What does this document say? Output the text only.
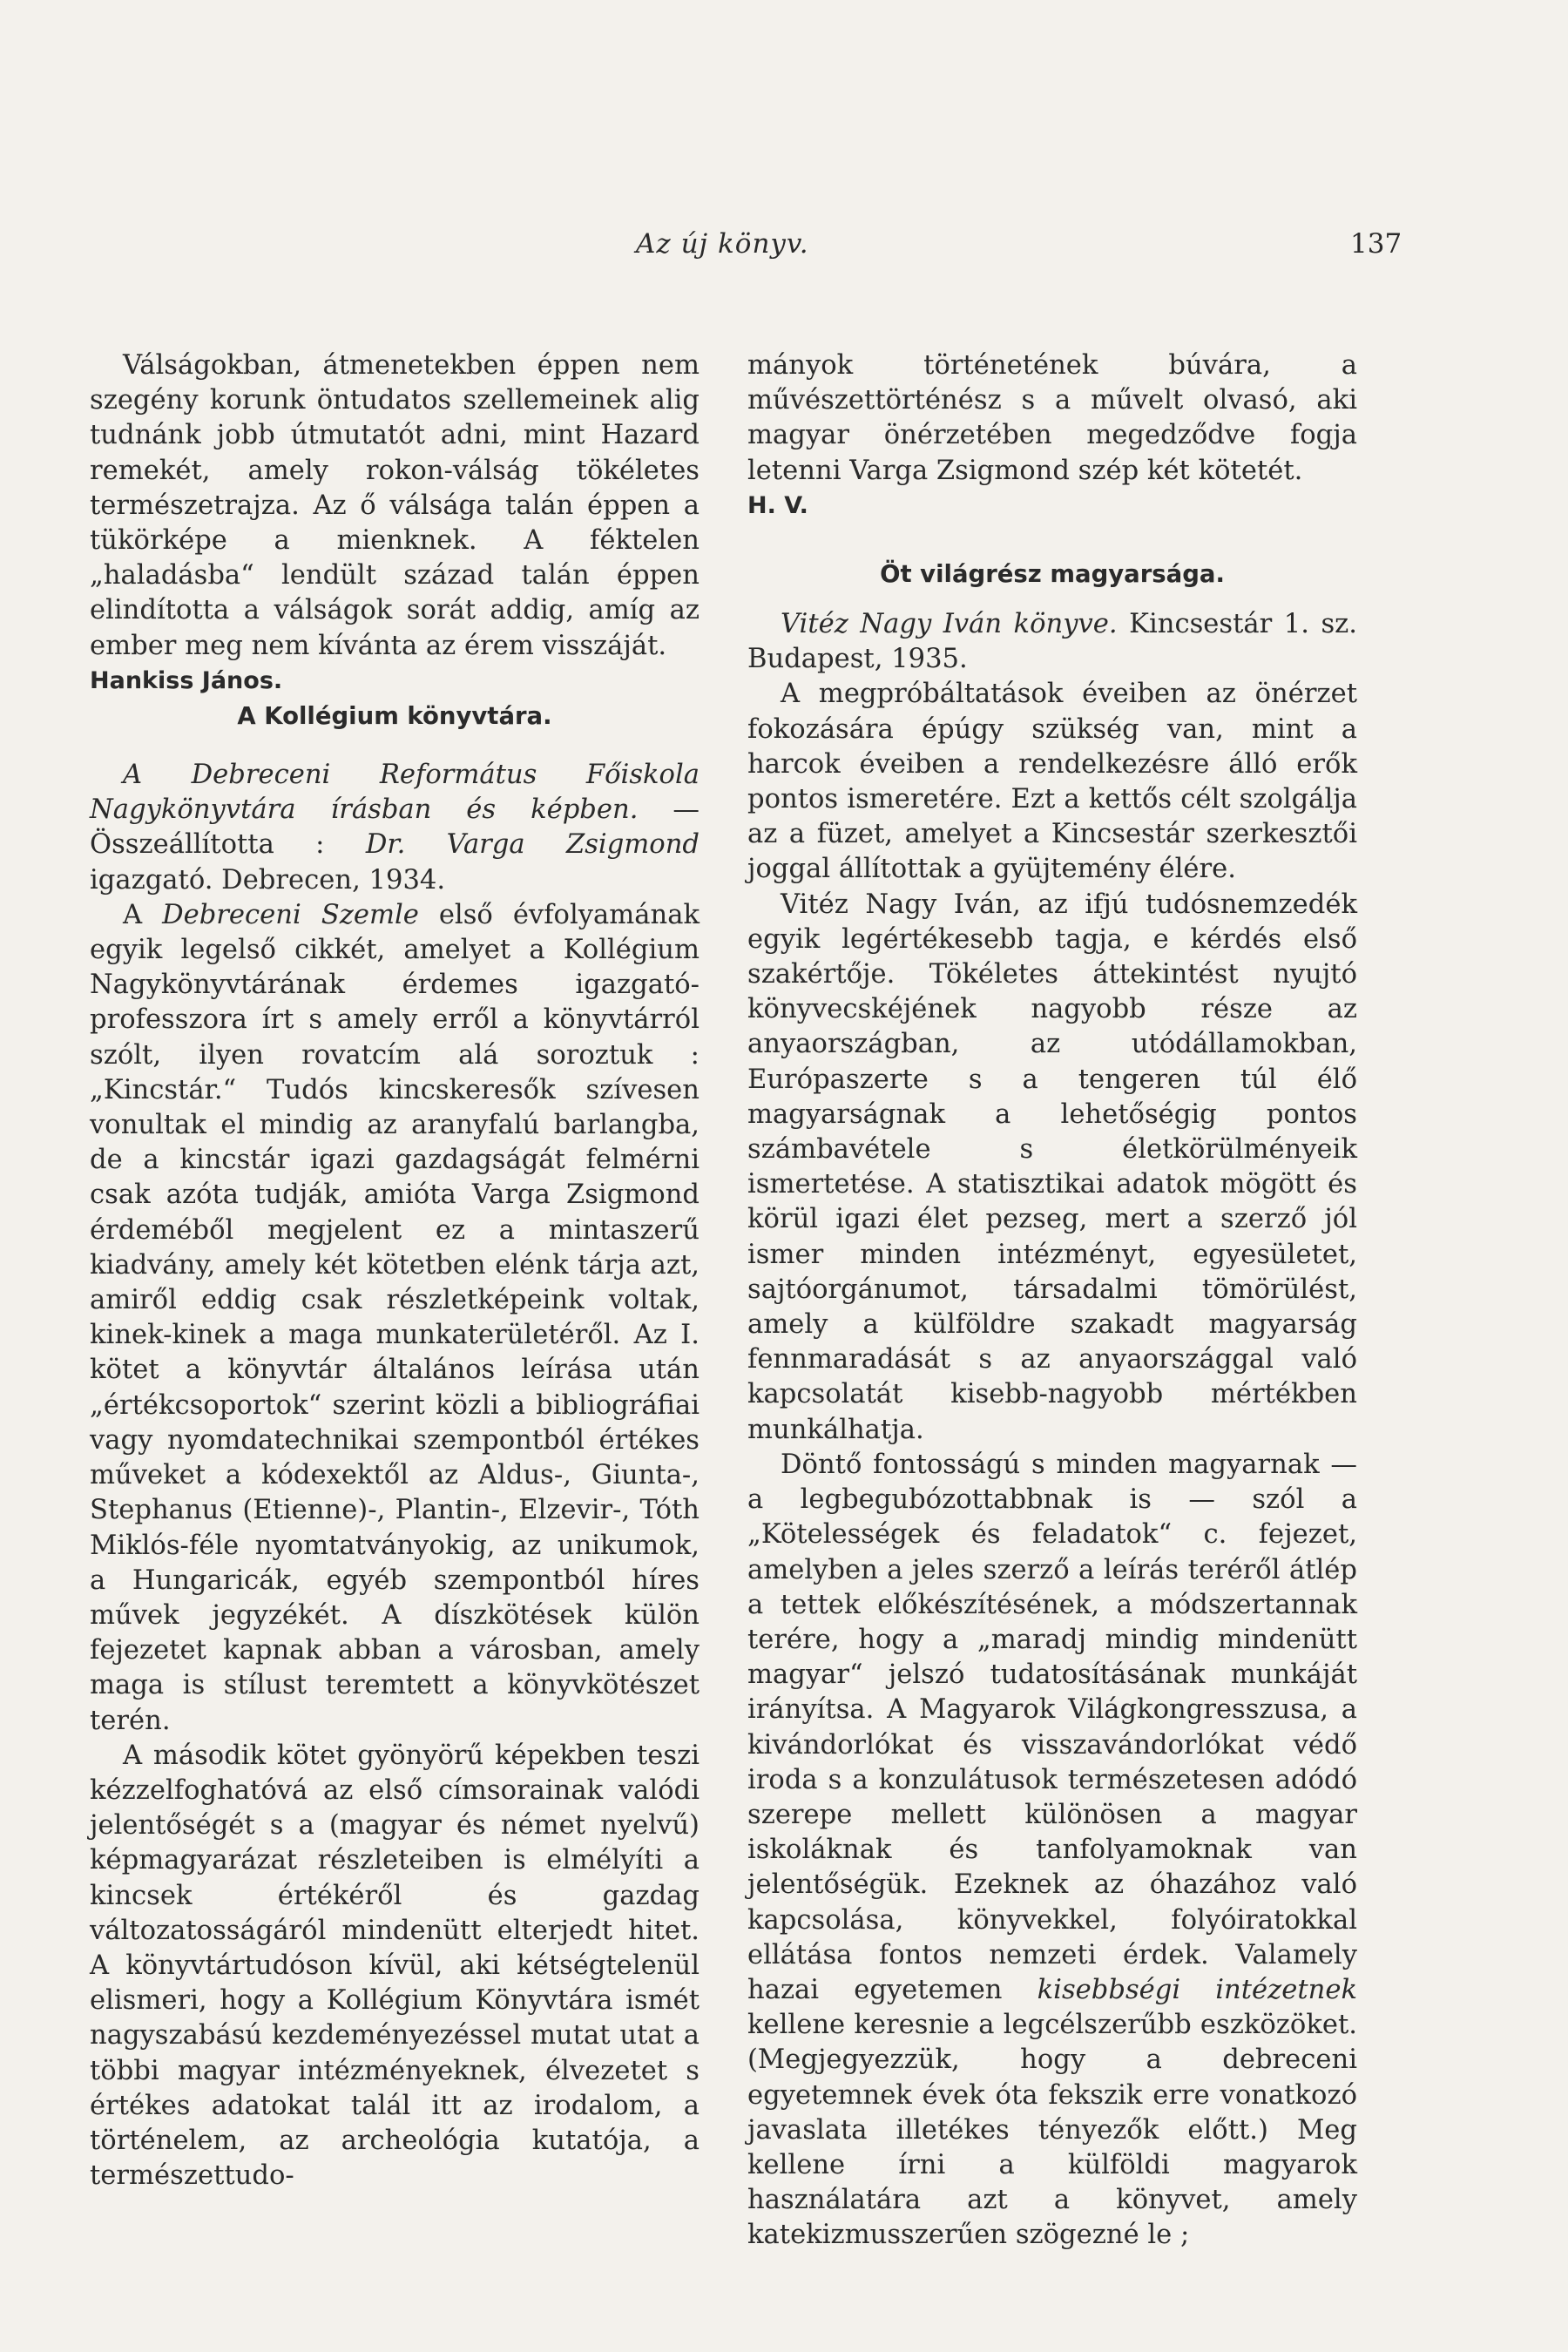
Az új könyv.	137

Válságokban, átmenetekben éppen nem szegény korunk öntudatos szellemeinek alig tudnánk jobb útmutatót adni, mint Hazard remekét, amely rokon-válság tökéletes természetrajza. Az ő válsága talán éppen a tükörképe a mienknek. A féktelen „haladásba“ lendült század talán éppen elindította a válságok sorát addig, amíg az ember meg nem kívánta az érem visszáját.

Hankiss János.

A Kollégium könyvtára.

A Debreceni Református Főiskola Nagykönyvtára írásban és képben. — Összeállította : Dr. Varga Zsigmond igazgató. Debrecen, 1934.

A Debreceni Szemle első évfolyamának egyik legelső cikkét, amelyet a Kollégium Nagykönyvtárának érdemes igazgató-professzora írt s amely erről a könyvtárról szólt, ilyen rovatcím alá soroztuk : „Kincstár.“ Tudós kincskeresők szívesen vonultak el mindig az aranyfalú barlangba, de a kincstár igazi gazdagságát felmérni csak azóta tudják, amióta Varga Zsigmond érdeméből megjelent ez a mintaszerű kiadvány, amely két kötetben elénk tárja azt, amiről eddig csak részletképeink voltak, kinek-kinek a maga munkaterületéről. Az I. kötet a könyvtár általános leírása után „értékcsoportok“ szerint közli a bibliográfiai vagy nyomdatechnikai szempontból értékes műveket a kódexektől az Aldus-, Giunta-, Stephanus (Etienne)-, Plantin-, Elzevir-, Tóth Miklós-féle nyomtatványokig, az unikumok, a Hungaricák, egyéb szempontból híres művek jegyzékét. A díszkötések külön fejezetet kapnak abban a városban, amely maga is stílust teremtett a könyvkötészet terén.

A második kötet gyönyörű képekben teszi kézzelfoghatóvá az első címsorainak valódi jelentőségét s a (magyar és német nyelvű) képmagyarázat részleteiben is elmélyíti a kincsek értékéről és gazdag változatosságáról mindenütt elterjedt hitet. A könyvtártudóson kívül, aki kétségtelenül elismeri, hogy a Kollégium Könyvtára ismét nagyszabású kezdeményezéssel mutat utat a többi magyar intézményeknek, élvezetet s értékes adatokat talál itt az irodalom, a történelem, az archeológia kutatója, a természettudo-

mányok történetének búvára, a művészettörténész s a művelt olvasó, aki magyar önérzetében megedződve fogja letenni Varga Zsigmond szép két kötetét.

H. V.

Öt világrész magyarsága.

Vitéz Nagy Iván könyve. Kincsestár 1. sz. Budapest, 1935.

A megpróbáltatások éveiben az önérzet fokozására épúgy szükség van, mint a harcok éveiben a rendelkezésre álló erők pontos ismeretére. Ezt a kettős célt szolgálja az a füzet, amelyet a Kincsestár szerkesztői joggal állítottak a gyüjtemény élére.

Vitéz Nagy Iván, az ifjú tudósnemzedék egyik legértékesebb tagja, e kérdés első szakértője. Tökéletes áttekintést nyujtó könyvecskéjének nagyobb része az anyaországban, az utódállamokban, Európaszerte s a tengeren túl élő magyarságnak a lehetőségig pontos számbavétele s életkörülményeik ismertetése. A statisztikai adatok mögött és körül igazi élet pezseg, mert a szerző jól ismer minden intézményt, egyesületet, sajtóorgánumot, társadalmi tömörülést, amely a külföldre szakadt magyarság fennmaradását s az anyaországgal való kapcsolatát kisebb-nagyobb mértékben munkálhatja.

Döntő fontosságú s minden magyarnak — a legbegubózottabbnak is — szól a „Kötelességek és feladatok“ c. fejezet, amelyben a jeles szerző a leírás teréről átlép a tettek előkészítésének, a módszertannak terére, hogy a „maradj mindig mindenütt magyar“ jelszó tudatosításának munkáját irányítsa. A Magyarok Világkongresszusa, a kivándorlókat és visszavándorlókat védő iroda s a konzulátusok természetesen adódó szerepe mellett különösen a magyar iskoláknak és tanfolyamoknak van jelentőségük. Ezeknek az óhazához való kapcsolása, könyvekkel, folyóiratokkal ellátása fontos nemzeti érdek. Valamely hazai egyetemen kisebbségi intézetnek kellene keresnie a legcélszerűbb eszközöket. (Megjegyezzük, hogy a debreceni egyetemnek évek óta fekszik erre vonatkozó javaslata illetékes tényezők előtt.) Meg kellene írni a külföldi magyarok használatára azt a könyvet, amely katekizmusszerűen szögezné le ;
